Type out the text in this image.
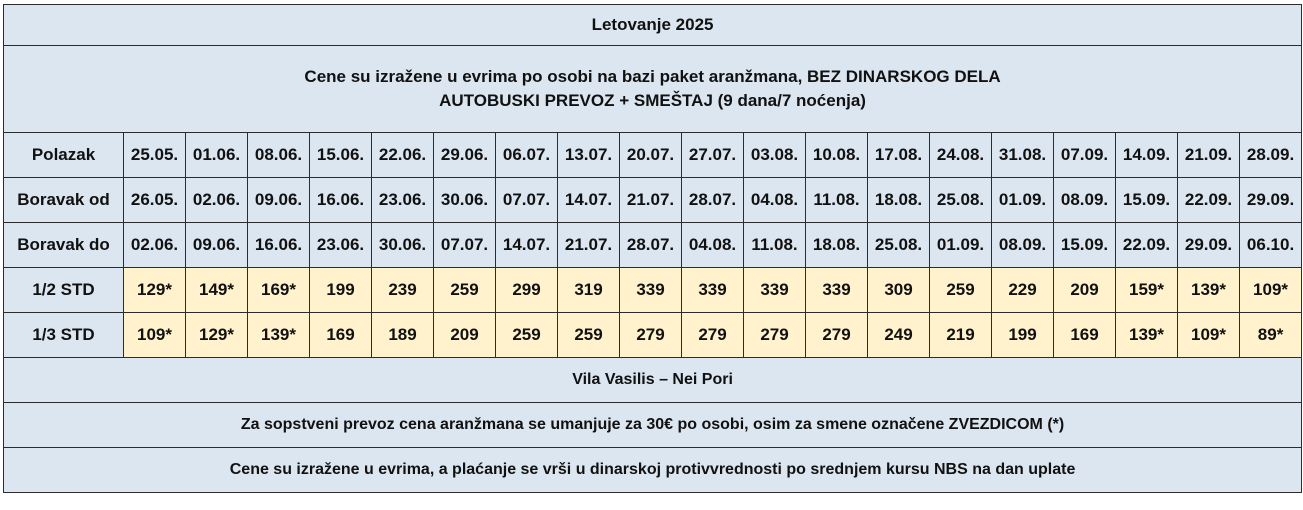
Letovanje 2025																			

Cene su izražene u evrima po osobi na bazi paket aranžmana, BEZ DINARSKOG DELA
AUTOBUSKI PREVOZ + SMEŠTAJ (9 dana/7 noćenja)																			

Polazak	25.05.	01.06.	08.06.	15.06.	22.06.	29.06.	06.07.	13.07.	20.07.	27.07.	03.08.	10.08.	17.08.	24.08.	31.08.	07.09.	14.09.	21.09.	28.09.
Boravak od	26.05.	02.06.	09.06.	16.06.	23.06.	30.06.	07.07.	14.07.	21.07.	28.07.	04.08.	11.08.	18.08.	25.08.	01.09.	08.09.	15.09.	22.09.	29.09.
Boravak do	02.06.	09.06.	16.06.	23.06.	30.06.	07.07.	14.07.	21.07.	28.07.	04.08.	11.08.	18.08.	25.08.	01.09.	08.09.	15.09.	22.09.	29.09.	06.10.
1/2 STD	129*	149*	169*	199	239	259	299	319	339	339	339	339	309	259	229	209	159*	139*	109*
1/3 STD	109*	129*	139*	169	189	209	259	259	279	279	279	279	249	219	199	169	139*	109*	89*
Vila Vasilis – Nei Pori																			
Za sopstveni prevoz cena aranžmana se umanjuje za 30€ po osobi, osim za smene označene ZVEZDICOM (*)																			
Cene su izražene u evrima, a plaćanje se vrši u dinarskoj protivvrednosti po srednjem kursu NBS na dan uplate																			
